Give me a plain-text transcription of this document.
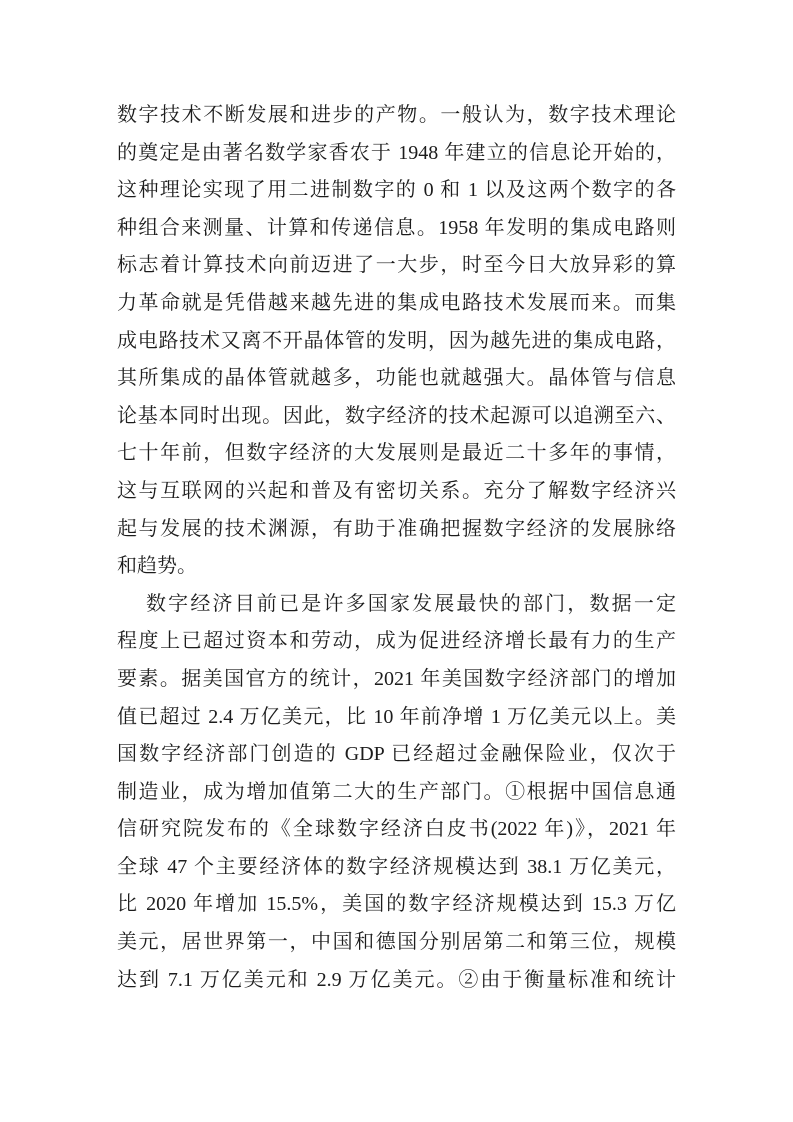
数字技术不断发展和进步的产物。一般认为，数字技术理论
的奠定是由著名数学家香农于 1948 年建立的信息论开始的，
这种理论实现了用二进制数字的 0 和 1 以及这两个数字的各
种组合来测量、计算和传递信息。1958 年发明的集成电路则
标志着计算技术向前迈进了一大步，时至今日大放异彩的算
力革命就是凭借越来越先进的集成电路技术发展而来。而集
成电路技术又离不开晶体管的发明，因为越先进的集成电路，
其所集成的晶体管就越多，功能也就越强大。晶体管与信息
论基本同时出现。因此，数字经济的技术起源可以追溯至六、
七十年前，但数字经济的大发展则是最近二十多年的事情，
这与互联网的兴起和普及有密切关系。充分了解数字经济兴
起与发展的技术渊源，有助于准确把握数字经济的发展脉络
和趋势。
数字经济目前已是许多国家发展最快的部门，数据一定
程度上已超过资本和劳动，成为促进经济增长最有力的生产
要素。据美国官方的统计，2021 年美国数字经济部门的增加
值已超过 2.4 万亿美元，比 10 年前净增 1 万亿美元以上。美
国数字经济部门创造的 GDP 已经超过金融保险业，仅次于
制造业，成为增加值第二大的生产部门。①根据中国信息通
信研究院发布的《全球数字经济白皮书(2022 年)》，2021 年
全球 47 个主要经济体的数字经济规模达到 38.1 万亿美元，
比 2020 年增加 15.5%，美国的数字经济规模达到 15.3 万亿
美元，居世界第一，中国和德国分别居第二和第三位，规模
达到 7.1 万亿美元和 2.9 万亿美元。②由于衡量标准和统计
